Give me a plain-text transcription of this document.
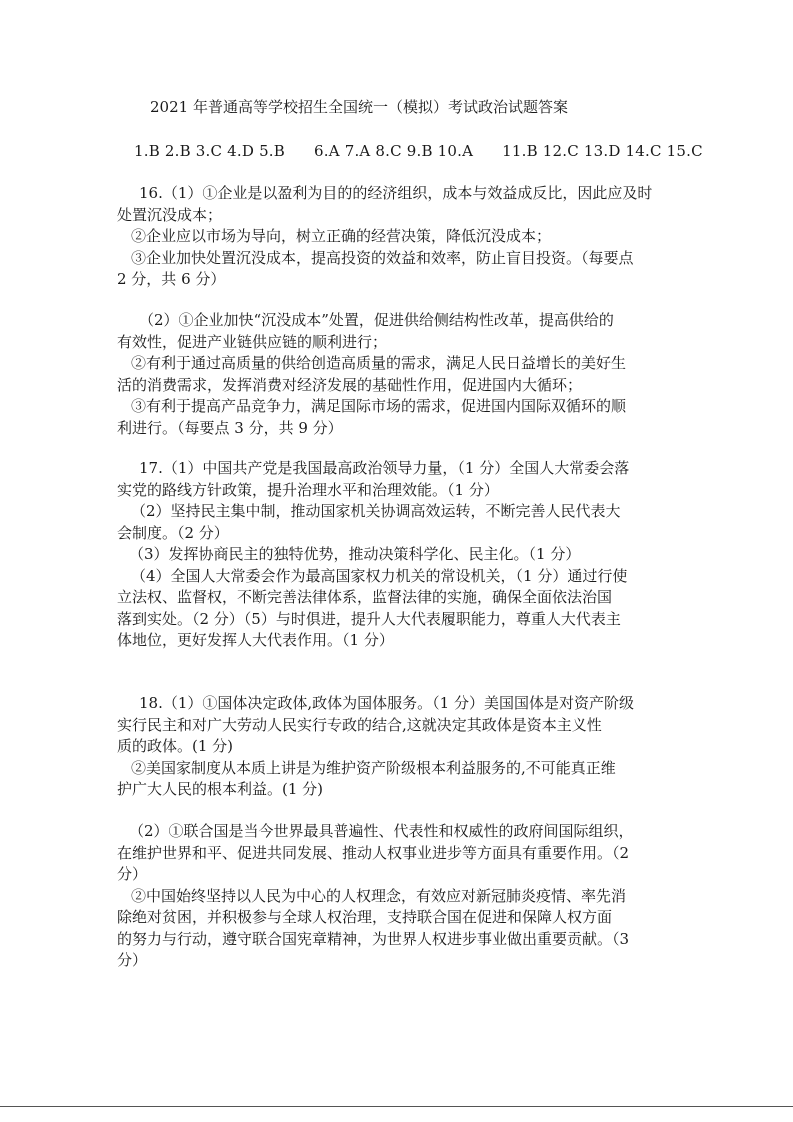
2021 年普通高等学校招生全国统一（模拟）考试政治试题答案
1.B 2.B 3.C 4.D 5.B 6.A 7.A 8.C 9.B 10.A 11.B 12.C 13.D 14.C 15.C

16.（1）①企业是以盈利为目的的经济组织，成本与效益成反比，因此应及时

处置沉没成本；

②企业应以市场为导向，树立正确的经营决策，降低沉没成本；

③企业加快处置沉没成本，提高投资的效益和效率，防止盲目投资。（每要点

2 分，共 6 分）

（2）①企业加快“沉没成本”处置，促进供给侧结构性改革，提高供给的

有效性，促进产业链供应链的顺利进行；

②有利于通过高质量的供给创造高质量的需求，满足人民日益增长的美好生

活的消费需求，发挥消费对经济发展的基础性作用，促进国内大循环；

③有利于提高产品竞争力，满足国际市场的需求，促进国内国际双循环的顺

利进行。（每要点 3 分，共 9 分）

17.（1）中国共产党是我国最高政治领导力量，（1 分）全国人大常委会落

实党的路线方针政策，提升治理水平和治理效能。（1 分）

（2）坚持民主集中制，推动国家机关协调高效运转，不断完善人民代表大

会制度。（2 分）

（3）发挥协商民主的独特优势，推动决策科学化、民主化。（1 分）

（4）全国人大常委会作为最高国家权力机关的常设机关，（1 分）通过行使

立法权、监督权，不断完善法律体系，监督法律的实施，确保全面依法治国

落到实处。（2 分）（5）与时俱进，提升人大代表履职能力，尊重人大代表主

体地位，更好发挥人大代表作用。（1 分）

18.（1）①国体决定政体,政体为国体服务。（1 分）美国国体是对资产阶级

实行民主和对广大劳动人民实行专政的结合,这就决定其政体是资本主义性

质的政体。(1 分)

②美国家制度从本质上讲是为维护资产阶级根本利益服务的,不可能真正维

护广大人民的根本利益。(1 分)

（2）①联合国是当今世界最具普遍性、代表性和权威性的政府间国际组织，

在维护世界和平、促进共同发展、推动人权事业进步等方面具有重要作用。（2

分）

②中国始终坚持以人民为中心的人权理念，有效应对新冠肺炎疫情、率先消

除绝对贫困，并积极参与全球人权治理，支持联合国在促进和保障人权方面

的努力与行动，遵守联合国宪章精神，为世界人权进步事业做出重要贡献。（3

分）
